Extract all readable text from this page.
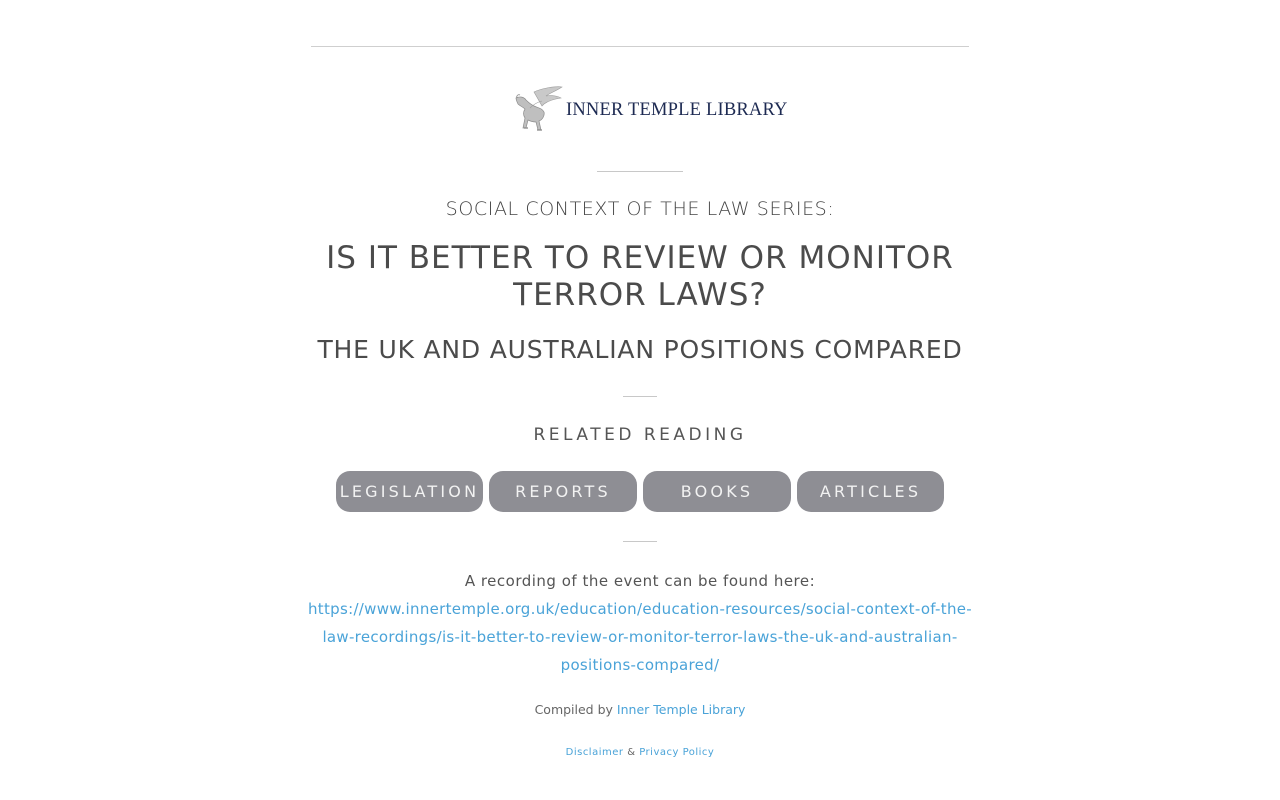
INNER TEMPLE LIBRARY
SOCIAL CONTEXT OF THE LAW SERIES:
IS IT BETTER TO REVIEW OR MONITOR
TERROR LAWS?
THE UK AND AUSTRALIAN POSITIONS COMPARED
RELATED READING
LEGISLATION	REPORTS	BOOKS	ARTICLES
A recording of the event can be found here:
https://www.innertemple.org.uk/education/education-resources/social-context-of-the-
law-recordings/is-it-better-to-review-or-monitor-terror-laws-the-uk-and-australian-
positions-compared/
Compiled by Inner Temple Library
Disclaimer & Privacy Policy
